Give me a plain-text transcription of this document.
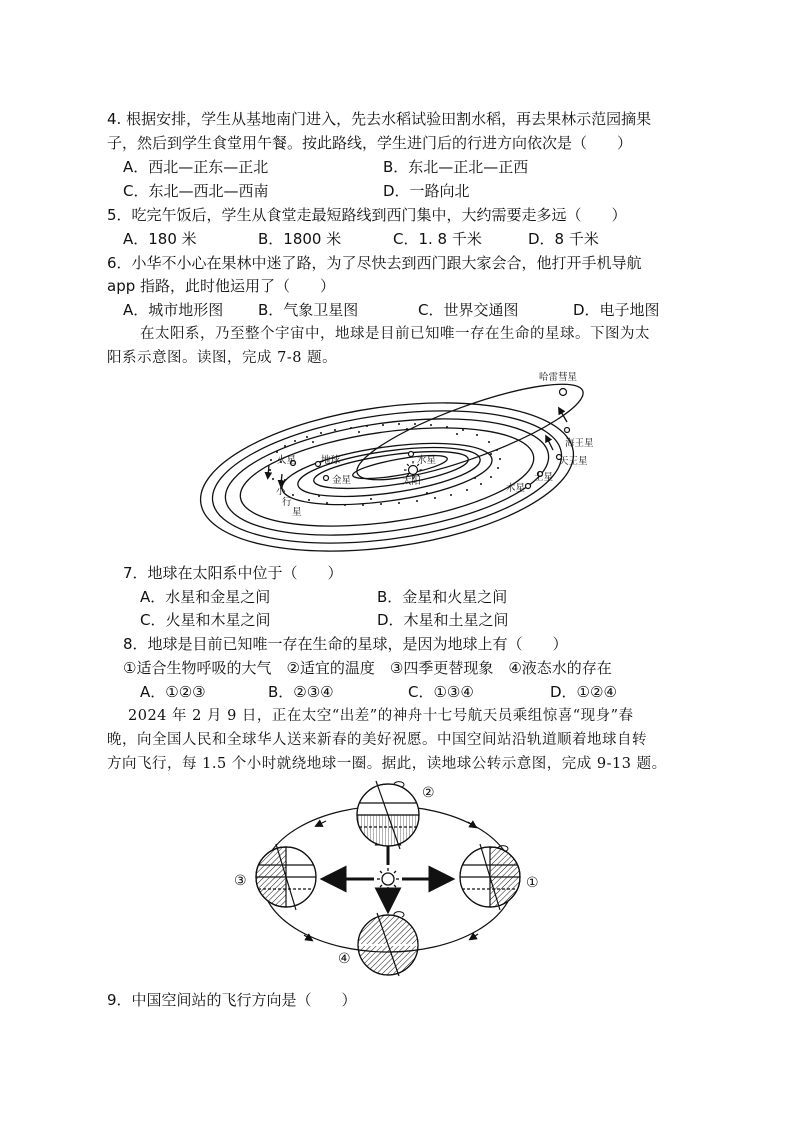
4. 根据安排，学生从基地南门进入，先去水稻试验田割水稻，再去果林示范园摘果
子，然后到学生食堂用午餐。按此路线，学生进门后的行进方向依次是（　　）
A．西北—正东—正北	B．东北—正北—正西
C．东北—西北—西南	D．一路向北
5．吃完午饭后，学生从食堂走最短路线到西门集中，大约需要走多远（　　）
A．180 米	B．1800 米	C．1. 8 千米	D．8 千米
6．小华不小心在果林中迷了路，为了尽快去到西门跟大家会合，他打开手机导航
app 指路，此时他运用了（　　）
A．城市地形图 B．气象卫星图	C．世界交通图	D．电子地图
在太阳系，乃至整个宇宙中，地球是目前已知唯一存在生命的星球。下图为太
阳系示意图。读图，完成 7-8 题。
哈雷彗星
海王星
天王星
土星
木星
火星	地球
金星
水星
太阳
小
行
星
7．地球在太阳系中位于（　　）
A．水星和金星之间	B．金星和火星之间
C．火星和木星之间	D．木星和土星之间
8．地球是目前已知唯一存在生命的星球，是因为地球上有（　　）
①适合生物呼吸的大气　②适宜的温度　③四季更替现象　④液态水的存在
A．①②③	B．②③④	C．①③④	D．①②④
2024 年 2 月 9 日，正在太空“出差”的神舟十七号航天员乘组惊喜“现身”春
晚，向全国人民和全球华人送来新春的美好祝愿。中国空间站沿轨道顺着地球自转
方向飞行，每 1.5 个小时就绕地球一圈。据此，读地球公转示意图，完成 9-13 题。
②
③	①
④
9．中国空间站的飞行方向是（　　）
